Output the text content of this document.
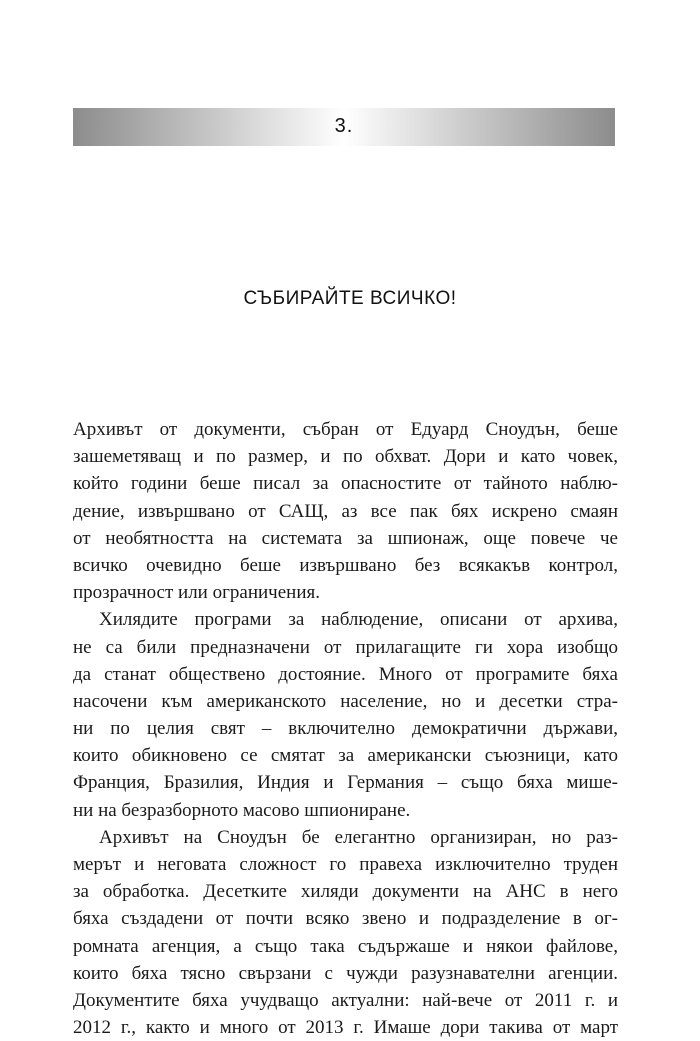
3.
СЪБИРАЙТЕ ВСИЧКО!
Архивът от документи, събран от Едуард Сноудън, беше
зашеметяващ и по размер, и по обхват. Дори и като човек,
който години беше писал за опасностите от тайното наблю-
дение, извършвано от САЩ, аз все пак бях искрено смаян
от необятността на системата за шпионаж, още повече че
всичко очевидно беше извършвано без всякакъв контрол,
прозрачност или ограничения.
Хилядите програми за наблюдение, описани от архива,
не са били предназначени от прилагащите ги хора изобщо
да станат обществено достояние. Много от програмите бяха
насочени към американското население, но и десетки стра-
ни по целия свят – включително демократични държави,
които обикновено се смятат за американски съюзници, като
Франция, Бразилия, Индия и Германия – също бяха мише-
ни на безразборното масово шпиониране.
Архивът на Сноудън бе елегантно организиран, но раз-
мерът и неговата сложност го правеха изключително труден
за обработка. Десетките хиляди документи на АНС в него
бяха създадени от почти всяко звено и подразделение в ог-
ромната агенция, а също така съдържаше и някои файлове,
които бяха тясно свързани с чужди разузнавателни агенции.
Документите бяха учудващо актуални: най-вече от 2011 г. и
2012 г., както и много от 2013 г. Имаше дори такива от март
